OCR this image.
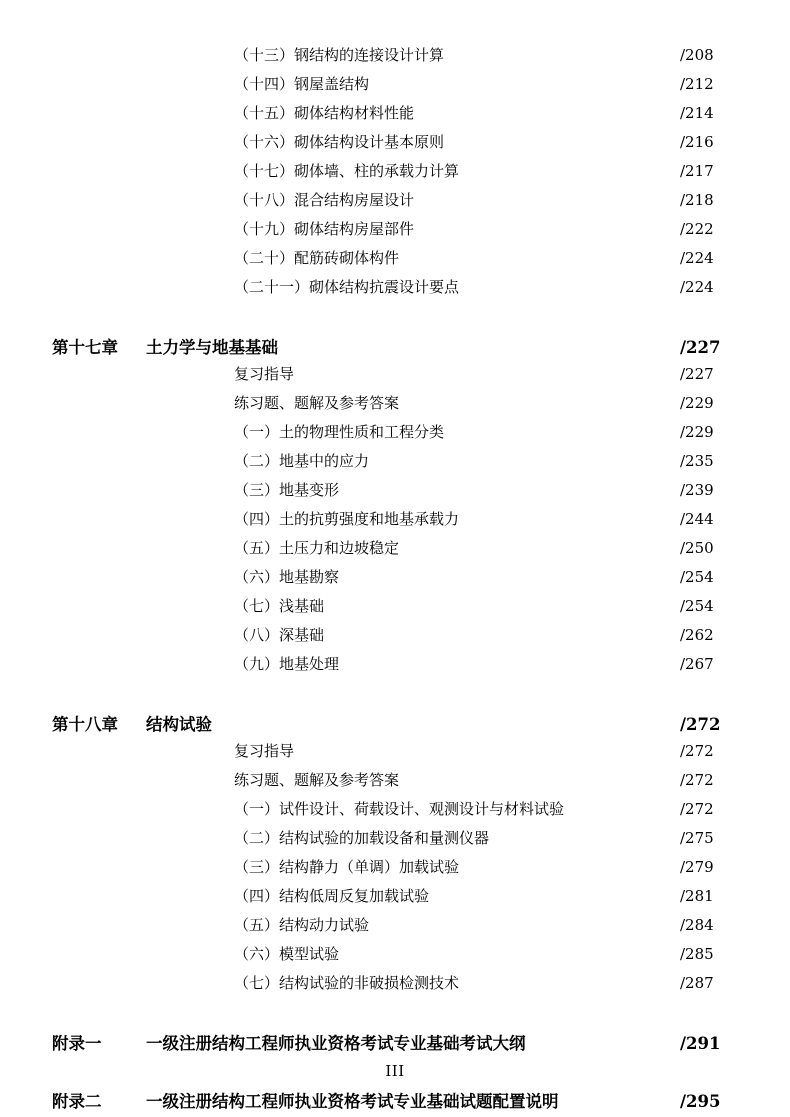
	（十三）钢结构的连接设计计算	/208
	（十四）钢屋盖结构	/212
	（十五）砌体结构材料性能	/214
	（十六）砌体结构设计基本原则	/216
	（十七）砌体墙、柱的承载力计算	/217
	（十八）混合结构房屋设计	/218
	（十九）砌体结构房屋部件	/222
	（二十）配筋砖砌体构件	/224
	（二十一）砌体结构抗震设计要点	/224

第十七章	土力学与地基基础	/227
	复习指导	/227
	练习题、题解及参考答案	/229
	（一）土的物理性质和工程分类	/229
	（二）地基中的应力	/235
	（三）地基变形	/239
	（四）土的抗剪强度和地基承载力	/244
	（五）土压力和边坡稳定	/250
	（六）地基勘察	/254
	（七）浅基础	/254
	（八）深基础	/262
	（九）地基处理	/267

第十八章	结构试验	/272
	复习指导	/272
	练习题、题解及参考答案	/272
	（一）试件设计、荷载设计、观测设计与材料试验	/272
	（二）结构试验的加载设备和量测仪器	/275
	（三）结构静力（单调）加载试验	/279
	（四）结构低周反复加载试验	/281
	（五）结构动力试验	/284
	（六）模型试验	/285
	（七）结构试验的非破损检测技术	/287

附录一	一级注册结构工程师执业资格考试专业基础考试大纲	/291

附录二	一级注册结构工程师执业资格考试专业基础试题配置说明	/295
III
